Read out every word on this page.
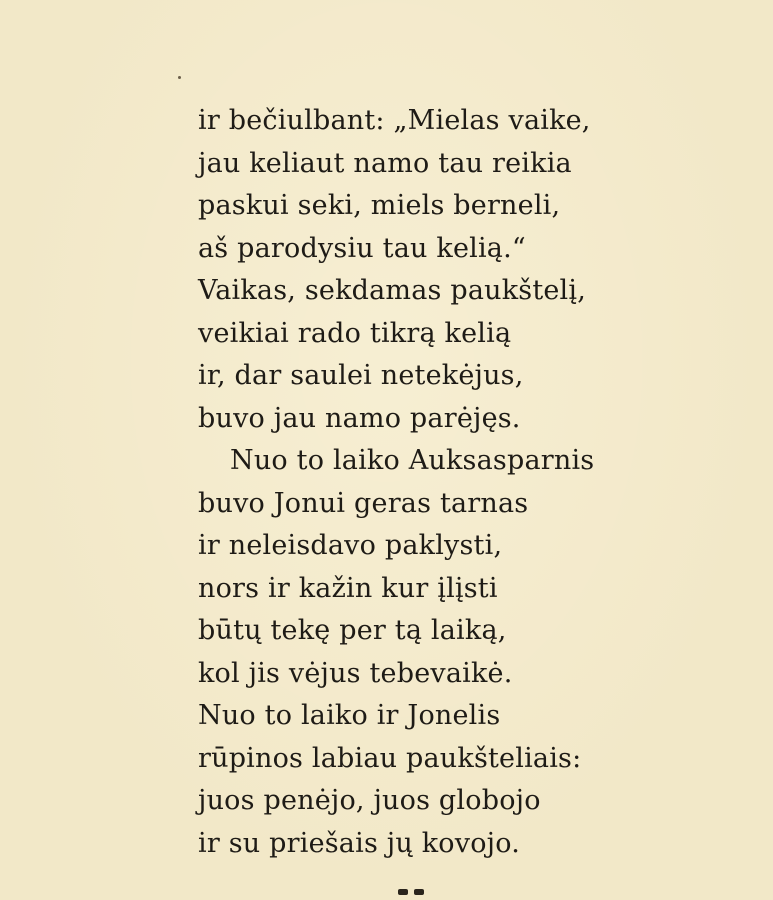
ir bečiulbant: „Mielas vaike,
jau keliaut namo tau reikia
paskui seki, miels berneli,
aš parodysiu tau kelią.“
Vaikas, sekdamas paukštelį,
veikiai rado tikrą kelią
ir, dar saulei netekėjus,
buvo jau namo parėjęs.
Nuo to laiko Auksasparnis
buvo Jonui geras tarnas
ir neleisdavo paklysti,
nors ir kažin kur įlįsti
būtų tekę per tą laiką,
kol jis vėjus tebevaikė.
Nuo to laiko ir Jonelis
rūpinos labiau paukšteliais:
juos penėjo, juos globojo
ir su priešais jų kovojo.
